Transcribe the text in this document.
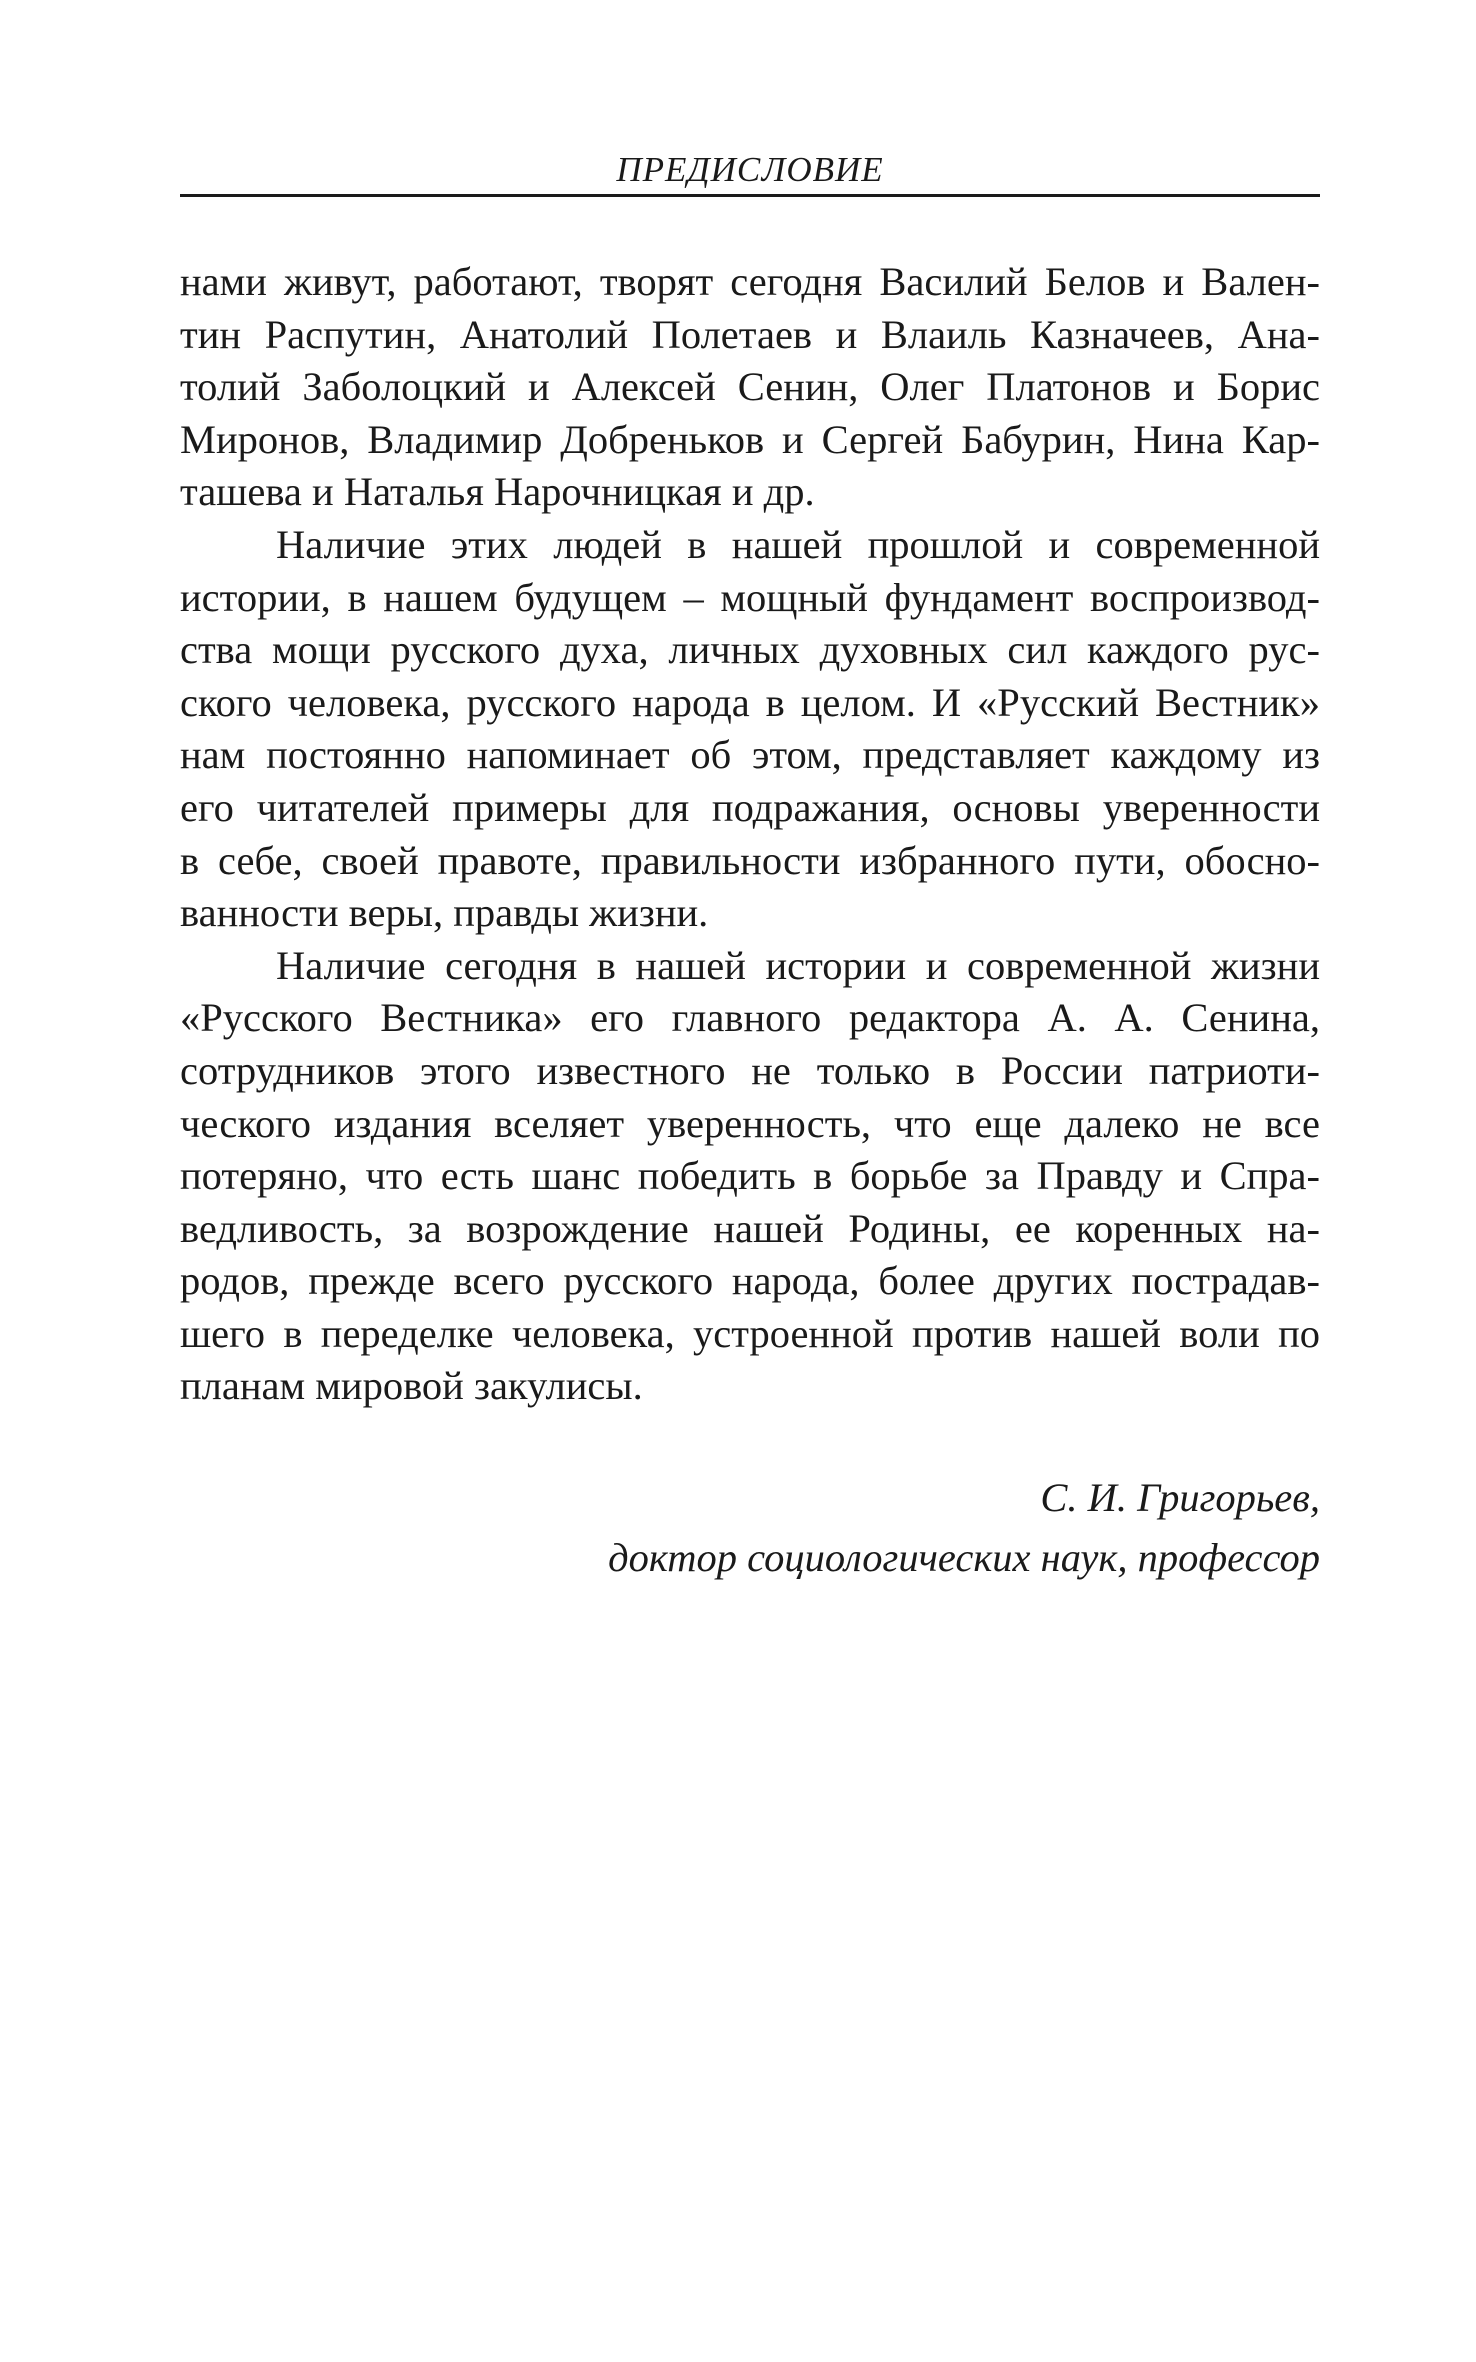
ПРЕДИСЛОВИЕ
нами живут, работают, творят сегодня Василий Белов и Вален-
тин Распутин, Анатолий Полетаев и Влаиль Казначеев, Ана-
толий Заболоцкий и Алексей Сенин, Олег Платонов и Борис
Миронов, Владимир Добреньков и Сергей Бабурин, Нина Кар-
ташева и Наталья Нарочницкая и др.
Наличие этих людей в нашей прошлой и современной
истории, в нашем будущем – мощный фундамент воспроизвод-
ства мощи русского духа, личных духовных сил каждого рус-
ского человека, русского народа в целом. И «Русский Вестник»
нам постоянно напоминает об этом, представляет каждому из
его читателей примеры для подражания, основы уверенности
в себе, своей правоте, правильности избранного пути, обосно-
ванности веры, правды жизни.
Наличие сегодня в нашей истории и современной жизни
«Русского Вестника» его главного редактора А. А. Сенина,
сотрудников этого известного не только в России патриоти-
ческого издания вселяет уверенность, что еще далеко не все
потеряно, что есть шанс победить в борьбе за Правду и Спра-
ведливость, за возрождение нашей Родины, ее коренных на-
родов, прежде всего русского народа, более других пострадав-
шего в переделке человека, устроенной против нашей воли по
планам мировой закулисы.
С. И. Григорьев,
доктор социологических наук, профессор
